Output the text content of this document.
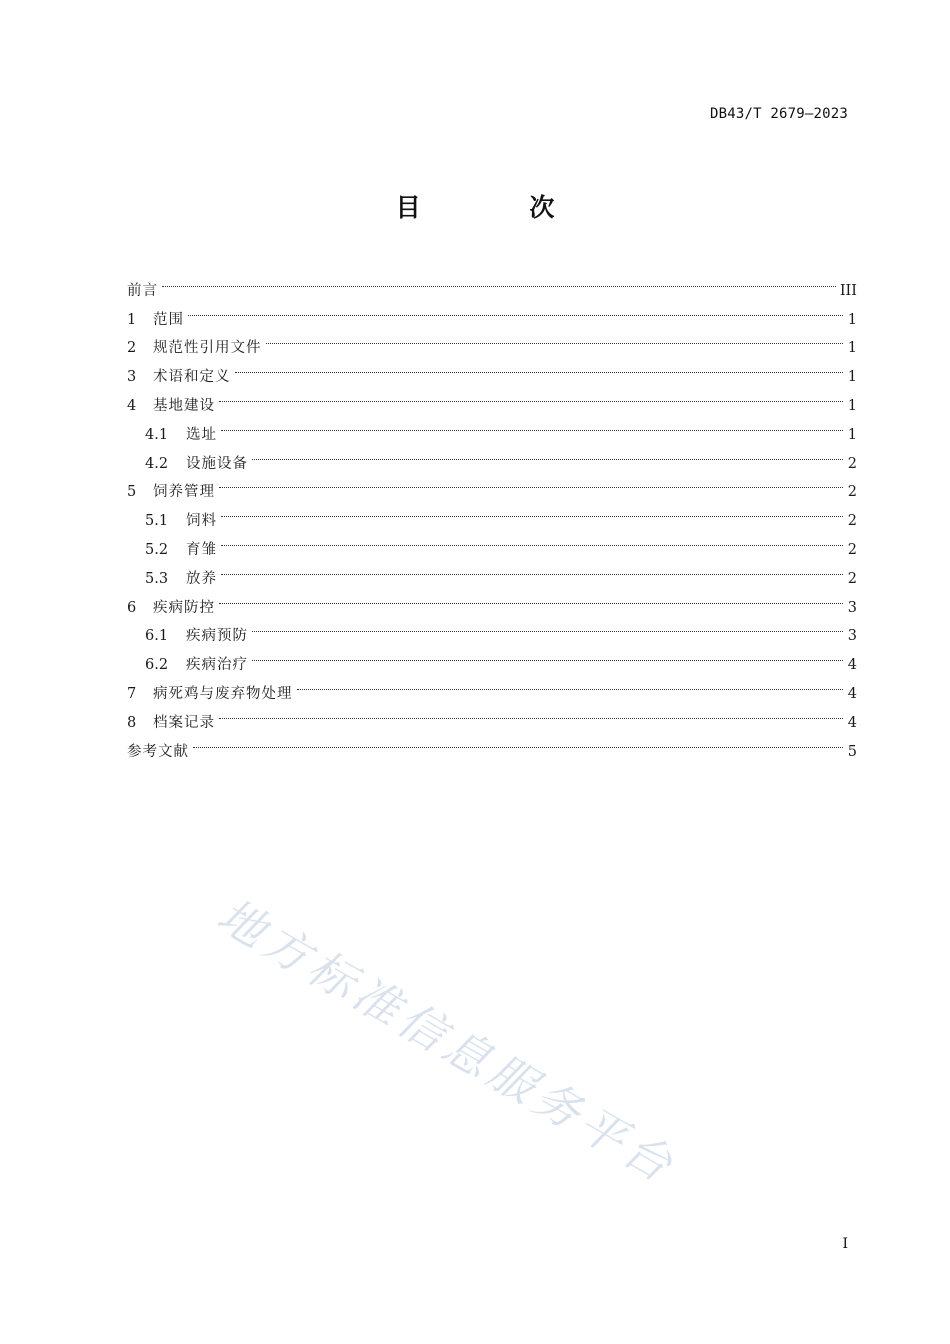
DB43/T 2679—2023
目 次
前言	III
1	范围	1
2	规范性引用文件	1
3	术语和定义	1
4	基地建设	1
4.1	选址	1
4.2	设施设备	2
5	饲养管理	2
5.1	饲料	2
5.2	育雏	2
5.3	放养	2
6	疾病防控	3
6.1	疾病预防	3
6.2	疾病治疗	4
7	病死鸡与废弃物处理	4
8	档案记录	4
参考文献	5
地方标准信息服务平台
I
